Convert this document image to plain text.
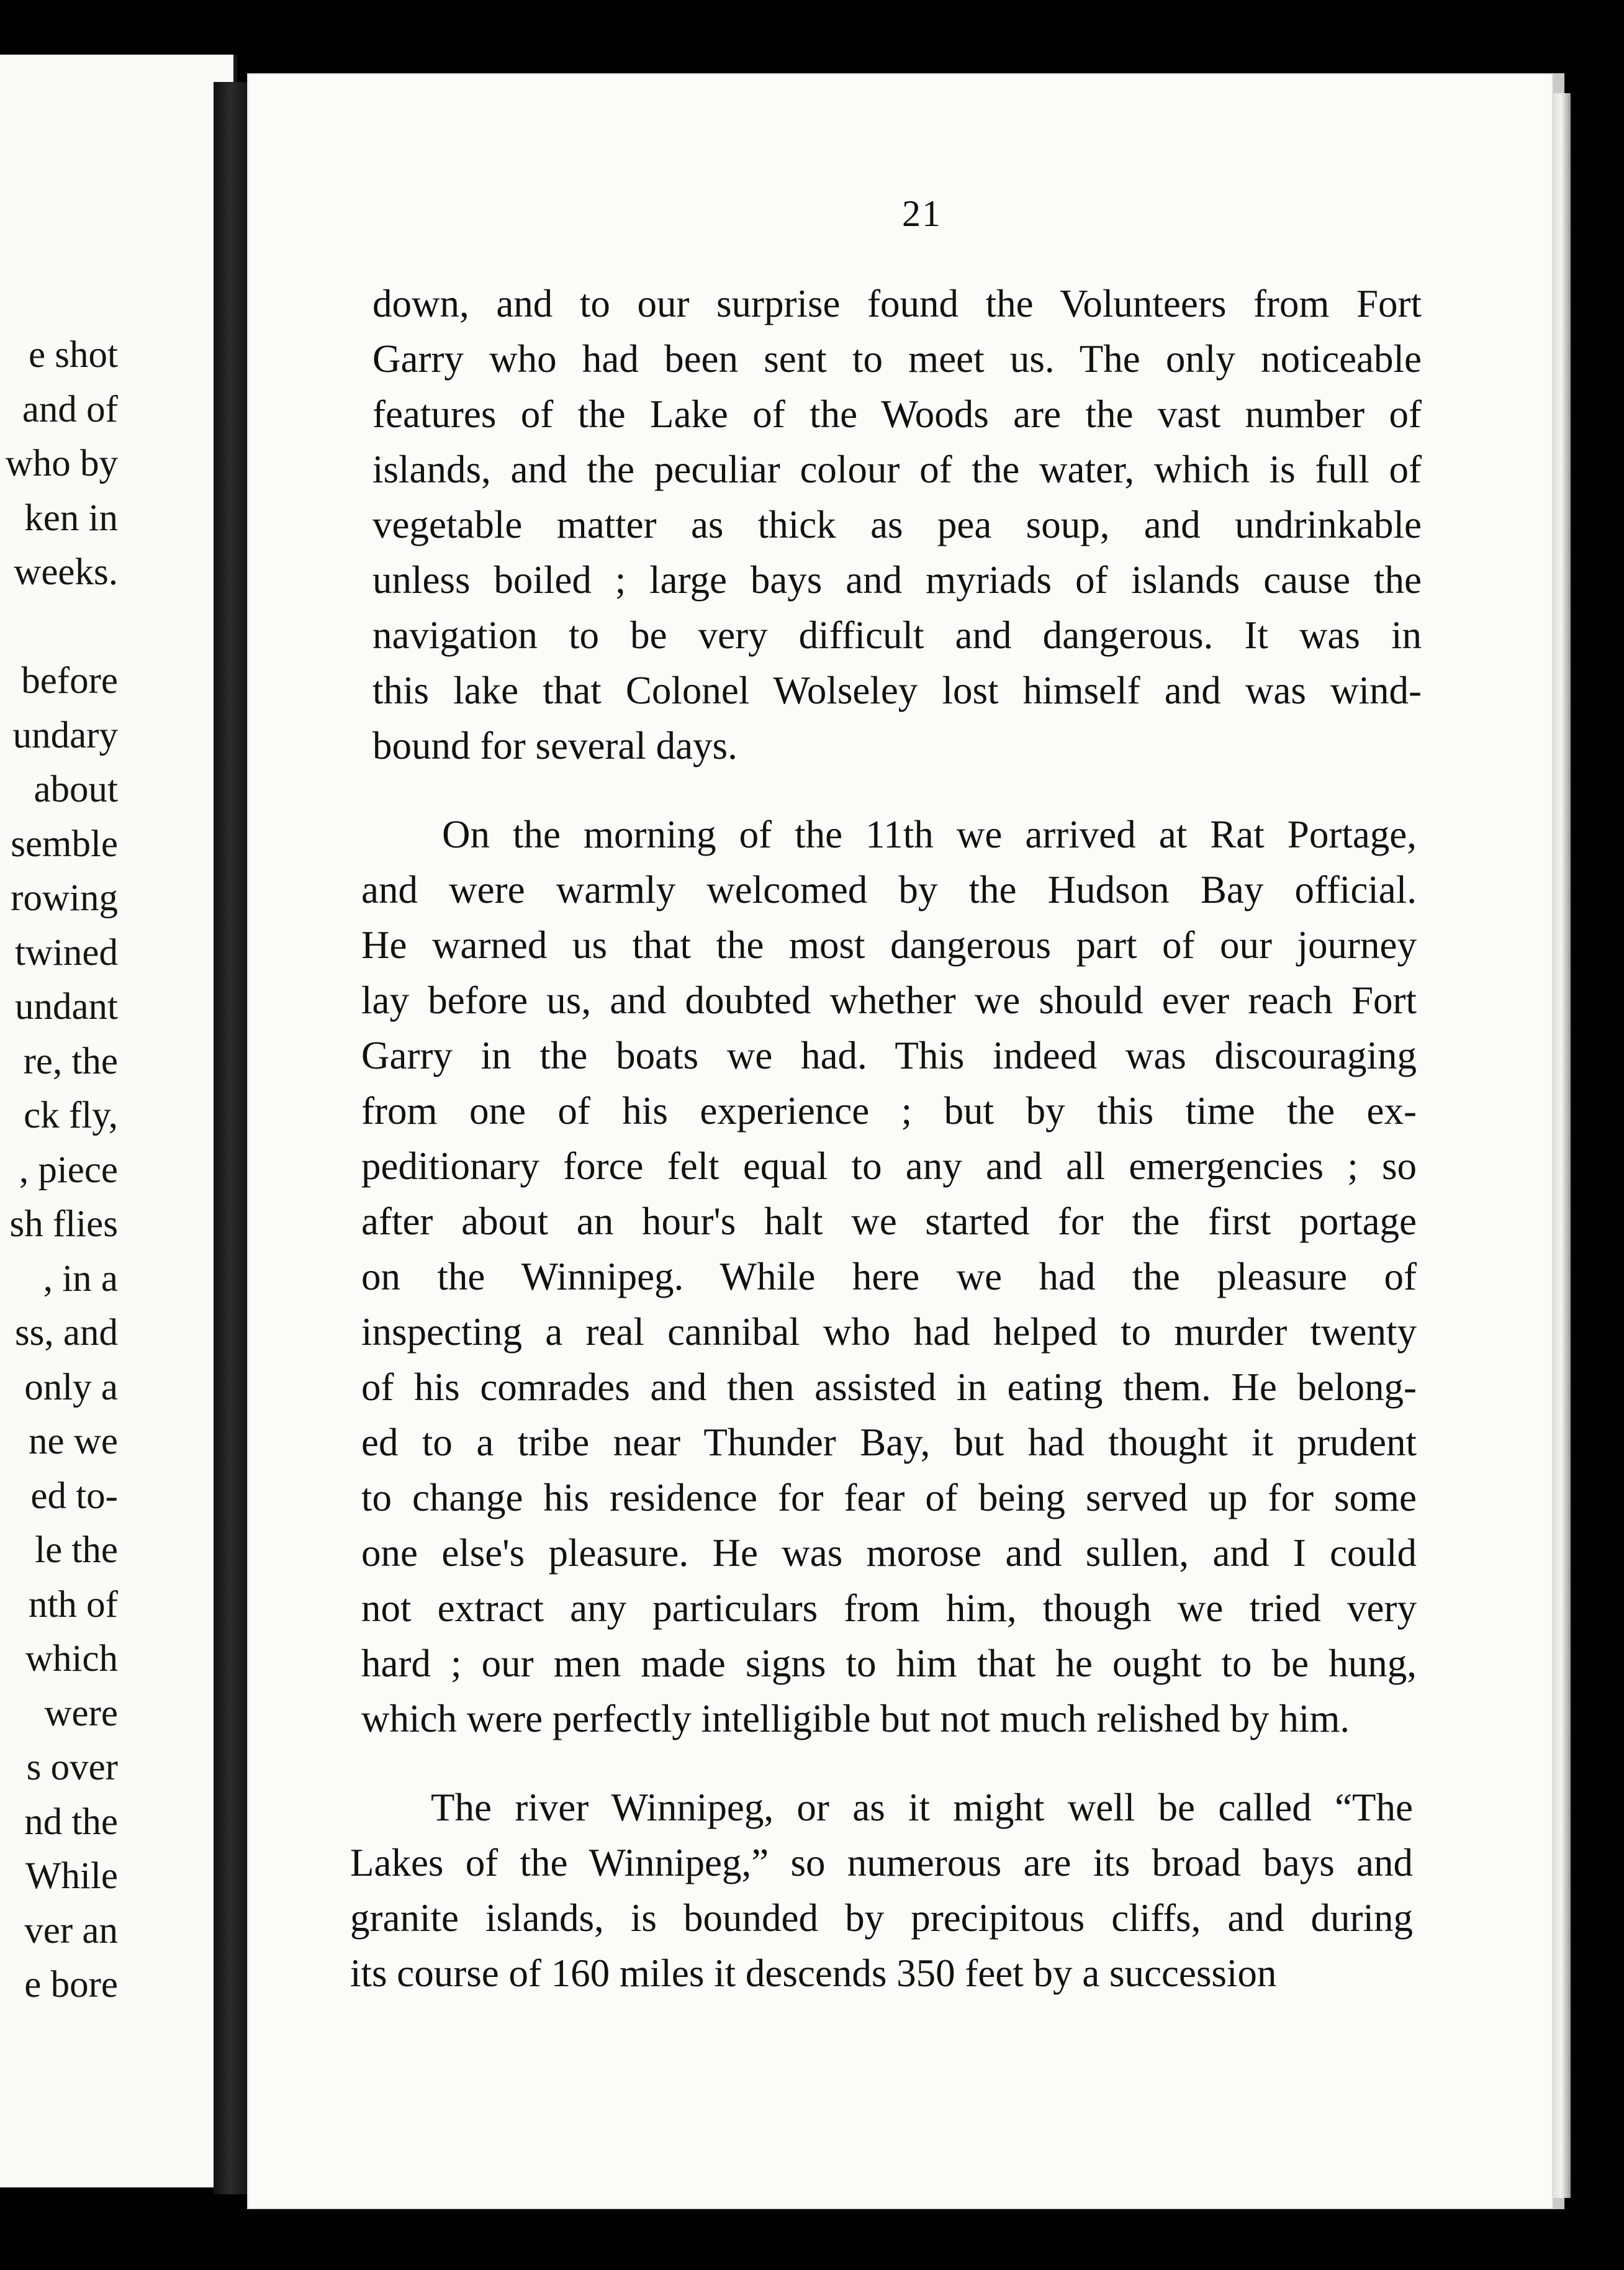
e shot
and of
who by
ken in
weeks.

before
undary
about
semble
rowing
twined
undant
re, the
ck fly,
, piece
sh flies
, in a
ss, and
only a
ne we
ed to-
le the
nth of
which
were
s over
nd the
While
ver an
e bore
21
down, and to our surprise found the Volunteers from Fort
Garry who had been sent to meet us. The only noticeable
features of the Lake of the Woods are the vast number of
islands, and the peculiar colour of the water, which is full of
vegetable matter as thick as pea soup, and undrinkable
unless boiled ; large bays and myriads of islands cause the
navigation to be very difficult and dangerous. It was in
this lake that Colonel Wolseley lost himself and was wind-
bound for several days.
On the morning of the 11th we arrived at Rat Portage,
and were warmly welcomed by the Hudson Bay official.
He warned us that the most dangerous part of our journey
lay before us, and doubted whether we should ever reach Fort
Garry in the boats we had. This indeed was discouraging
from one of his experience ; but by this time the ex-
peditionary force felt equal to any and all emergencies ; so
after about an hour's halt we started for the first portage
on the Winnipeg. While here we had the pleasure of
inspecting a real cannibal who had helped to murder twenty
of his comrades and then assisted in eating them. He belong-
ed to a tribe near Thunder Bay, but had thought it prudent
to change his residence for fear of being served up for some
one else's pleasure. He was morose and sullen, and I could
not extract any particulars from him, though we tried very
hard ; our men made signs to him that he ought to be hung,
which were perfectly intelligible but not much relished by him.
The river Winnipeg, or as it might well be called “The
Lakes of the Winnipeg,” so numerous are its broad bays and
granite islands, is bounded by precipitous cliffs, and during
its course of 160 miles it descends 350 feet by a succession
